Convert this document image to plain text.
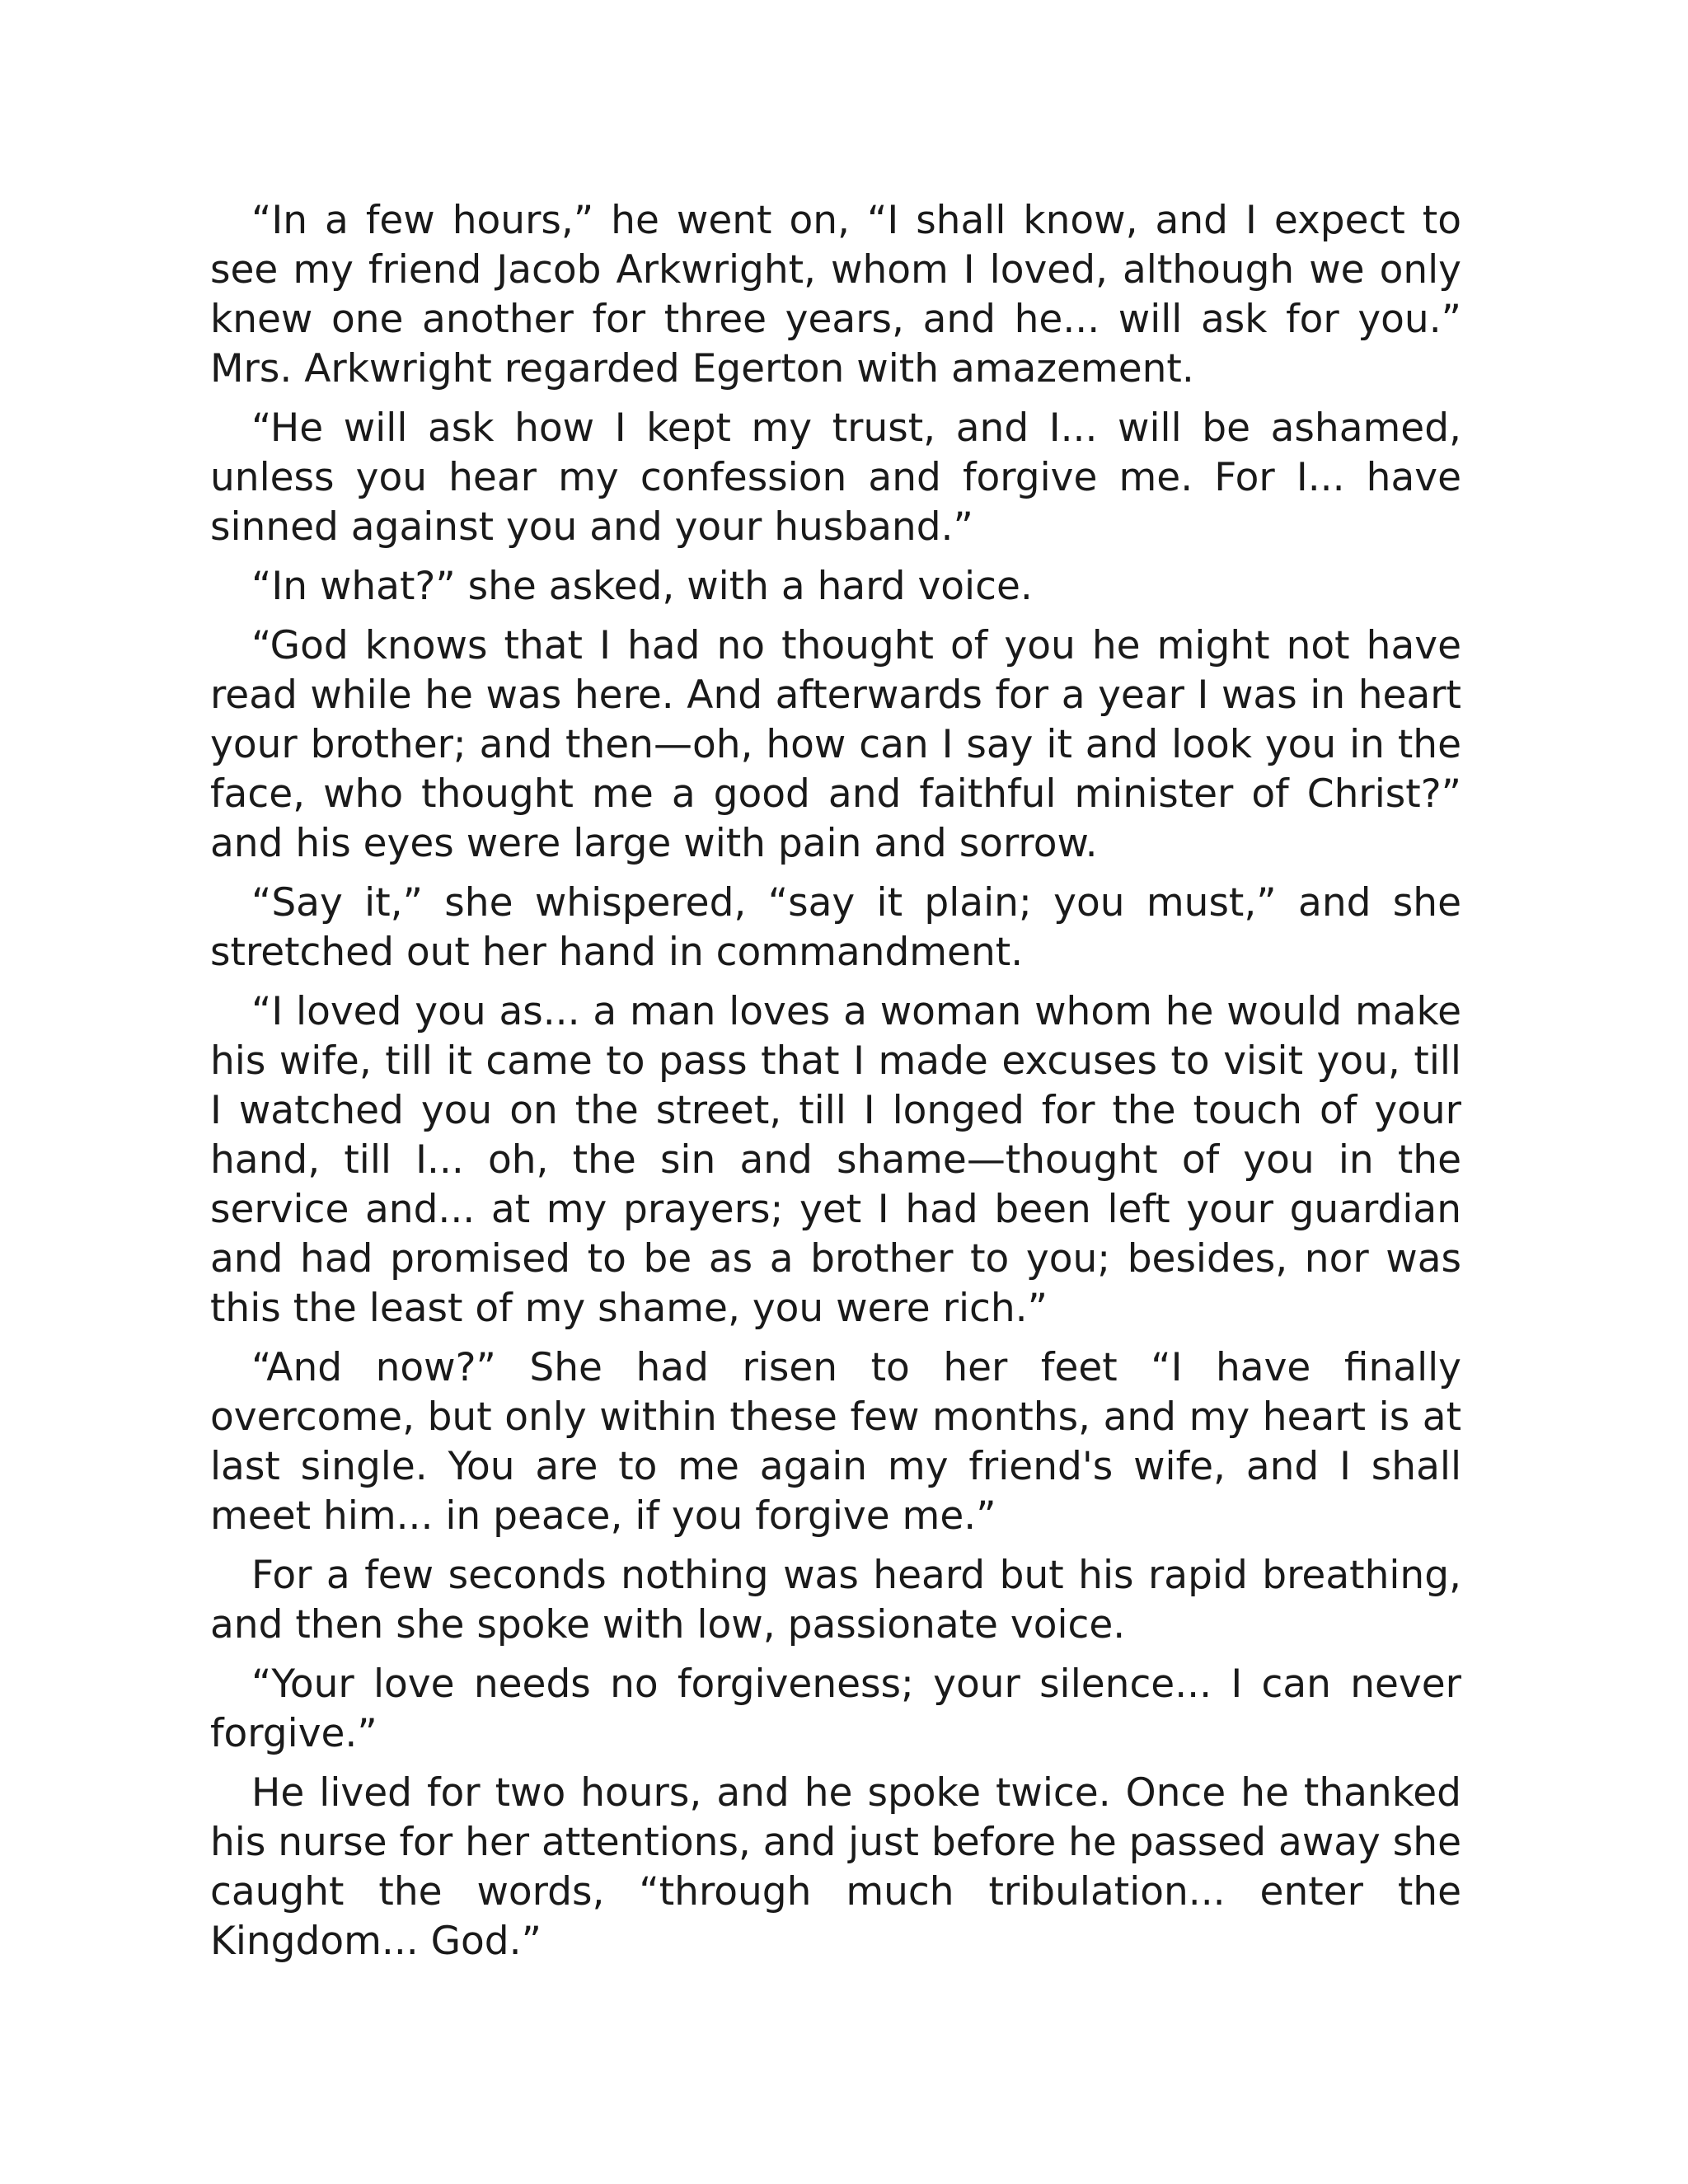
“In a few hours,” he went on, “I shall know, and I expect to see my friend Jacob Arkwright, whom I loved, although we only knew one another for three years, and he... will ask for you.” Mrs. Arkwright regarded Egerton with amazement.

“He will ask how I kept my trust, and I... will be ashamed, unless you hear my confession and forgive me. For I... have sinned against you and your husband.”

“In what?” she asked, with a hard voice.

“God knows that I had no thought of you he might not have read while he was here. And afterwards for a year I was in heart your brother; and then—oh, how can I say it and look you in the face, who thought me a good and faithful minister of Christ?” and his eyes were large with pain and sorrow.

“Say it,” she whispered, “say it plain; you must,” and she stretched out her hand in commandment.

“I loved you as... a man loves a woman whom he would make his wife, till it came to pass that I made excuses to visit you, till I watched you on the street, till I longed for the touch of your hand, till I... oh, the sin and shame—thought of you in the service and... at my prayers; yet I had been left your guardian and had promised to be as a brother to you; besides, nor was this the least of my shame, you were rich.”

“And now?” She had risen to her feet “I have finally overcome, but only within these few months, and my heart is at last single. You are to me again my friend's wife, and I shall meet him... in peace, if you forgive me.”

For a few seconds nothing was heard but his rapid breathing, and then she spoke with low, passionate voice.

“Your love needs no forgiveness; your silence... I can never forgive.”

He lived for two hours, and he spoke twice. Once he thanked his nurse for her attentions, and just before he passed away she caught the words, “through much tribulation... enter the Kingdom... God.”
